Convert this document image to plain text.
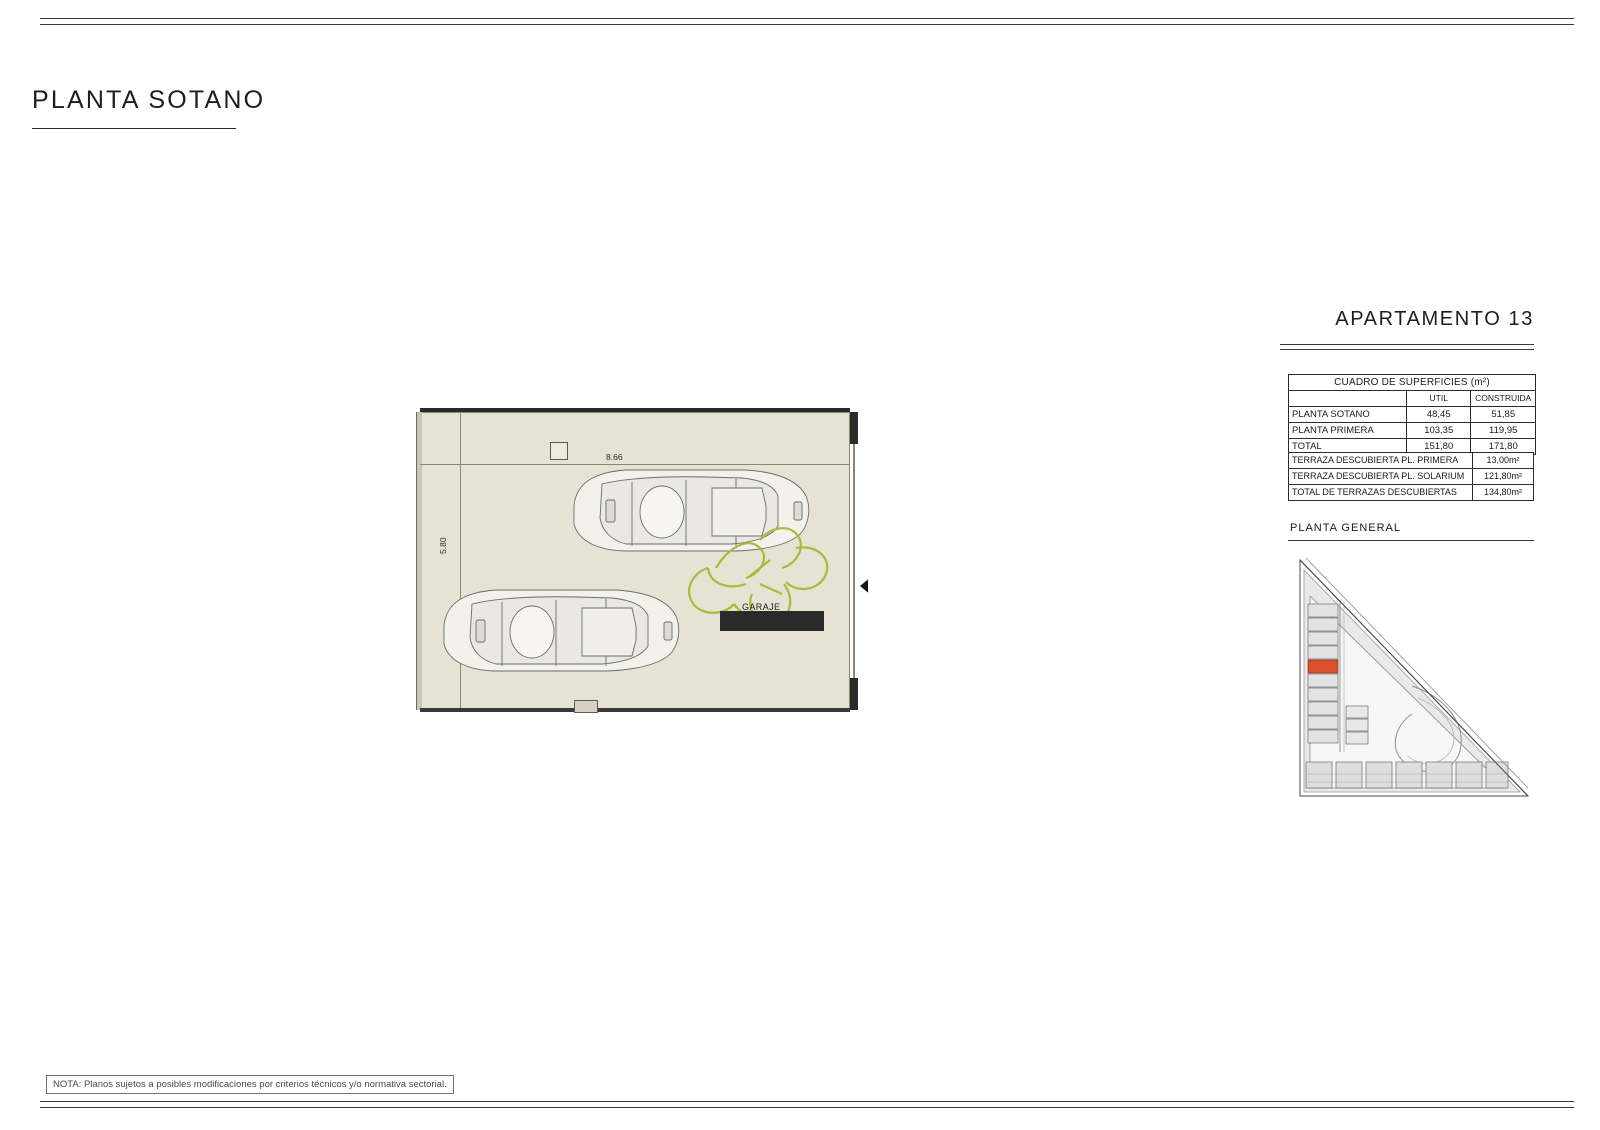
PLANTA SOTANO
APARTAMENTO 13
CUADRO DE SUPERFICIES (m²)
	UTIL	CONSTRUIDA
PLANTA SOTANO	48,45	51,85
PLANTA PRIMERA	103,35	119,95
TOTAL	151,80	171,80
TERRAZA DESCUBIERTA PL. PRIMERA	13,00m²
TERRAZA DESCUBIERTA PL. SOLARIUM	121,80m²
TOTAL DE TERRAZAS DESCUBIERTAS	134,80m²
PLANTA GENERAL
8.66
5.80
GARAJE
NOTA: Planos sujetos a posibles modificaciones por criterios técnicos y/o normativa sectorial.
